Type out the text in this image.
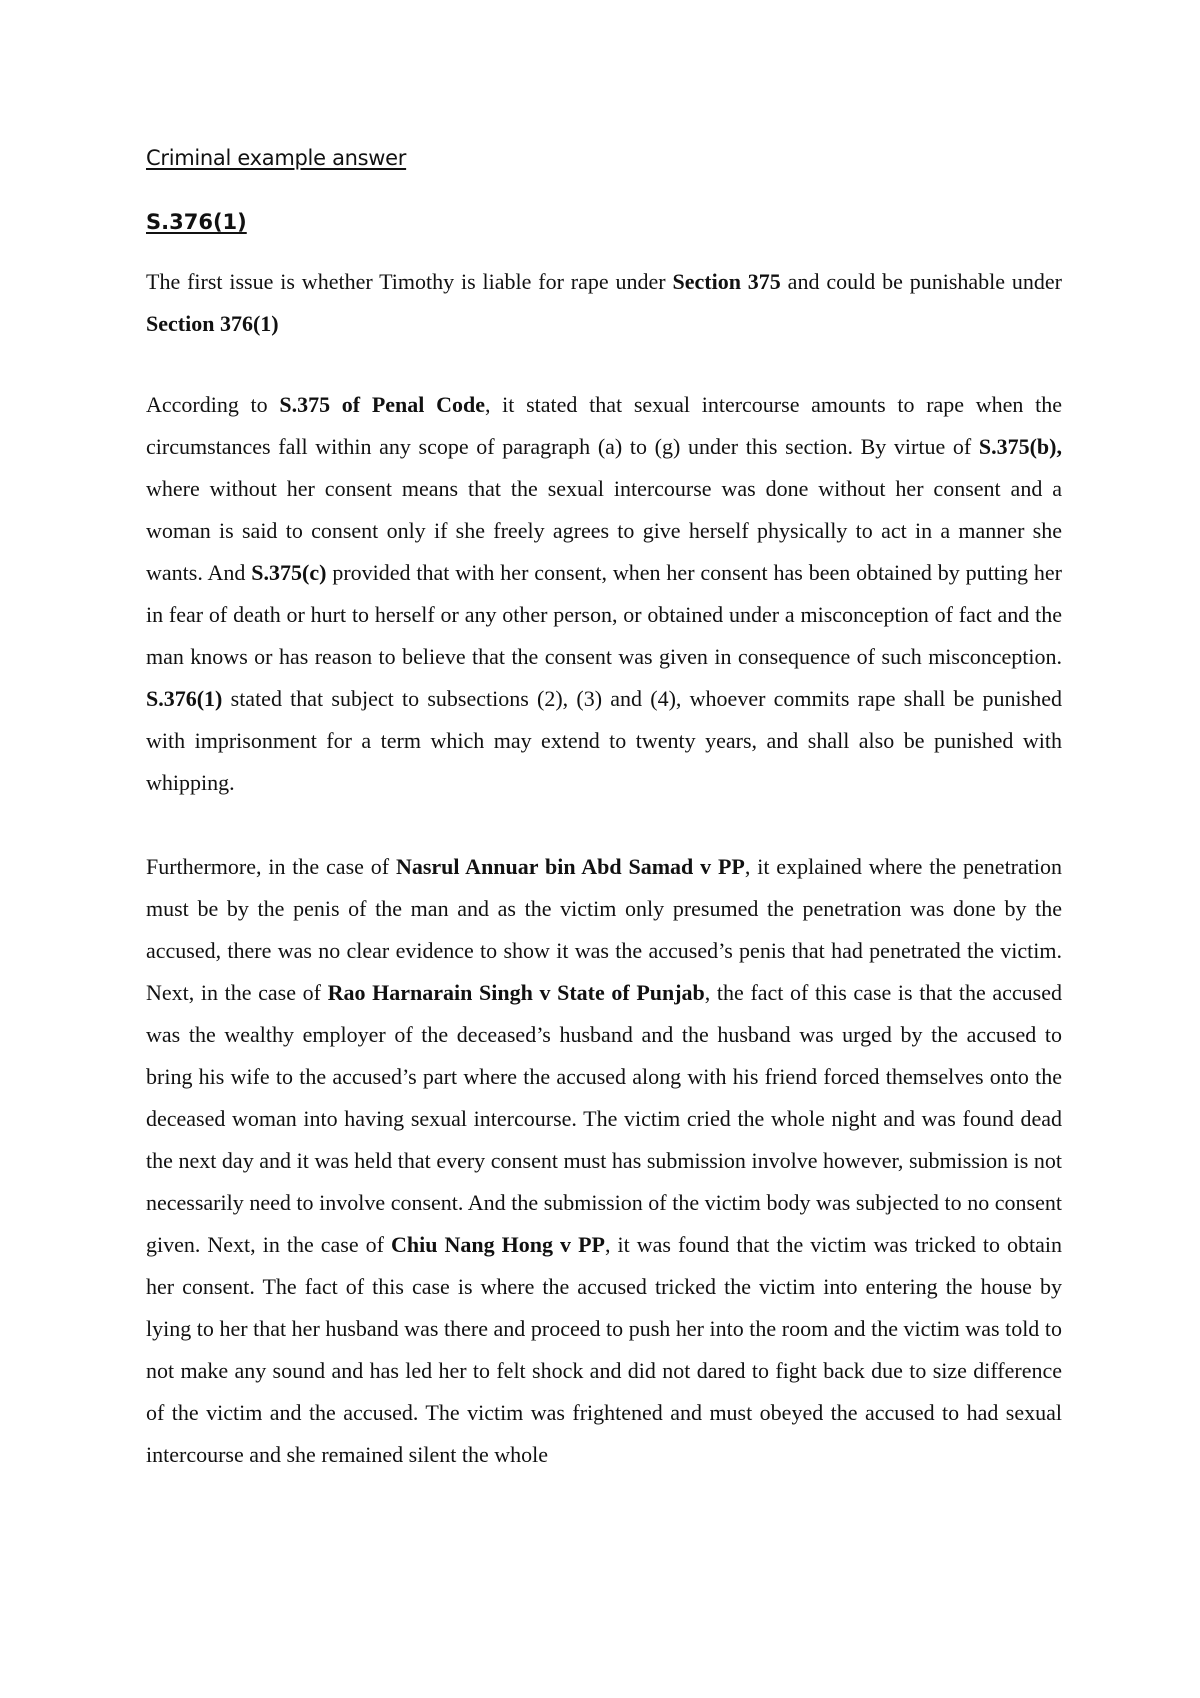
Criminal example answer
S.376(1)

The first issue is whether Timothy is liable for rape under Section 375 and could be punishable under Section 376(1)

According to S.375 of Penal Code, it stated that sexual intercourse amounts to rape when the circumstances fall within any scope of paragraph (a) to (g) under this section. By virtue of S.375(b), where without her consent means that the sexual intercourse was done without her consent and a woman is said to consent only if she freely agrees to give herself physically to act in a manner she wants. And S.375(c) provided that with her consent, when her consent has been obtained by putting her in fear of death or hurt to herself or any other person, or obtained under a misconception of fact and the man knows or has reason to believe that the consent was given in consequence of such misconception. S.376(1) stated that subject to subsections (2), (3) and (4), whoever commits rape shall be punished with imprisonment for a term which may extend to twenty years, and shall also be punished with whipping.

Furthermore, in the case of Nasrul Annuar bin Abd Samad v PP, it explained where the penetration must be by the penis of the man and as the victim only presumed the penetration was done by the accused, there was no clear evidence to show it was the accused’s penis that had penetrated the victim. Next, in the case of Rao Harnarain Singh v State of Punjab, the fact of this case is that the accused was the wealthy employer of the deceased’s husband and the husband was urged by the accused to bring his wife to the accused’s part where the accused along with his friend forced themselves onto the deceased woman into having sexual intercourse. The victim cried the whole night and was found dead the next day and it was held that every consent must has submission involve however, submission is not necessarily need to involve consent. And the submission of the victim body was subjected to no consent given. Next, in the case of Chiu Nang Hong v PP, it was found that the victim was tricked to obtain her consent. The fact of this case is where the accused tricked the victim into entering the house by lying to her that her husband was there and proceed to push her into the room and the victim was told to not make any sound and has led her to felt shock and did not dared to fight back due to size difference of the victim and the accused. The victim was frightened and must obeyed the accused to had sexual intercourse and she remained silent the whole
